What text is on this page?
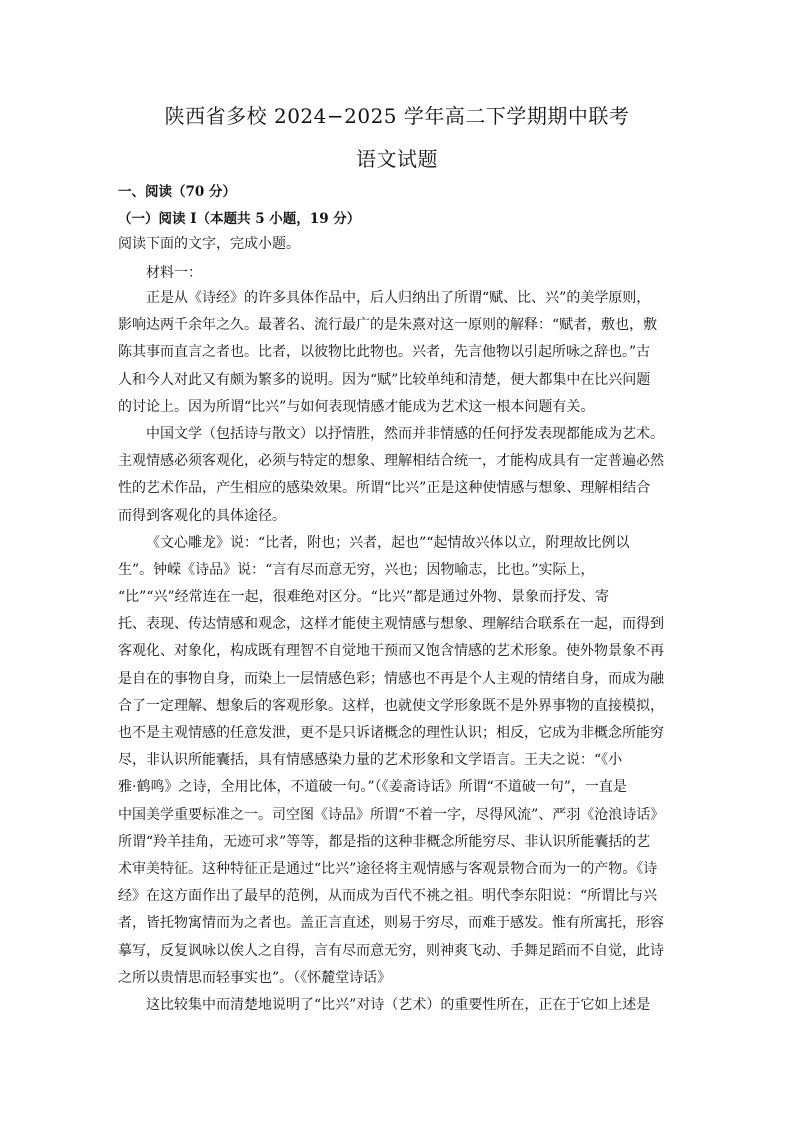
陕西省多校 2024−2025 学年高二下学期期中联考
语文试题
一、阅读（70 分）
（一）阅读 I（本题共 5 小题，19 分）
阅读下面的文字，完成小题。
材料一：
正是从《诗经》的许多具体作品中，后人归纳出了所谓“赋、比、兴”的美学原则，
影响达两千余年之久。最著名、流行最广的是朱熹对这一原则的解释：“赋者，敷也，敷
陈其事而直言之者也。比者，以彼物比此物也。兴者，先言他物以引起所咏之辞也。”古
人和今人对此又有颇为繁多的说明。因为“赋”比较单纯和清楚，便大都集中在比兴问题
的讨论上。因为所谓“比兴”与如何表现情感才能成为艺术这一根本问题有关。
中国文学（包括诗与散文）以抒情胜，然而并非情感的任何抒发表现都能成为艺术。
主观情感必须客观化，必须与特定的想象、理解相结合统一，才能构成具有一定普遍必然
性的艺术作品，产生相应的感染效果。所谓“比兴”正是这种使情感与想象、理解相结合
而得到客观化的具体途径。
《文心雕龙》说：“比者，附也；兴者，起也”“起情故兴体以立，附理故比例以
生”。钟嵘《诗品》说：“言有尽而意无穷，兴也；因物喻志，比也。”实际上，
“比”“兴”经常连在一起，很难绝对区分。“比兴”都是通过外物、景象而抒发、寄
托、表现、传达情感和观念，这样才能使主观情感与想象、理解结合联系在一起，而得到
客观化、对象化，构成既有理智不自觉地干预而又饱含情感的艺术形象。使外物景象不再
是自在的事物自身，而染上一层情感色彩；情感也不再是个人主观的情绪自身，而成为融
合了一定理解、想象后的客观形象。这样，也就使文学形象既不是外界事物的直接模拟，
也不是主观情感的任意发泄，更不是只诉诸概念的理性认识；相反，它成为非概念所能穷
尽，非认识所能囊括，具有情感感染力量的艺术形象和文学语言。王夫之说：“《小
雅·鹤鸣》之诗，全用比体，不道破一句。”（《姜斋诗话》所谓“不道破一句”，一直是
中国美学重要标准之一。司空图《诗品》所谓“不着一字，尽得风流”、严羽《沧浪诗话》
所谓“羚羊挂角，无迹可求”等等，都是指的这种非概念所能穷尽、非认识所能囊括的艺
术审美特征。这种特征正是通过“比兴”途径将主观情感与客观景物合而为一的产物。《诗
经》在这方面作出了最早的范例，从而成为百代不祧之祖。明代李东阳说：“所谓比与兴
者，皆托物寓情而为之者也。盖正言直述，则易于穷尽，而难于感发。惟有所寓托，形容
摹写，反复讽咏以俟人之自得，言有尽而意无穷，则神爽飞动、手舞足蹈而不自觉，此诗
之所以贵情思而轻事实也”。（《怀麓堂诗话》
这比较集中而清楚地说明了“比兴”对诗（艺术）的重要性所在，正在于它如上述是
